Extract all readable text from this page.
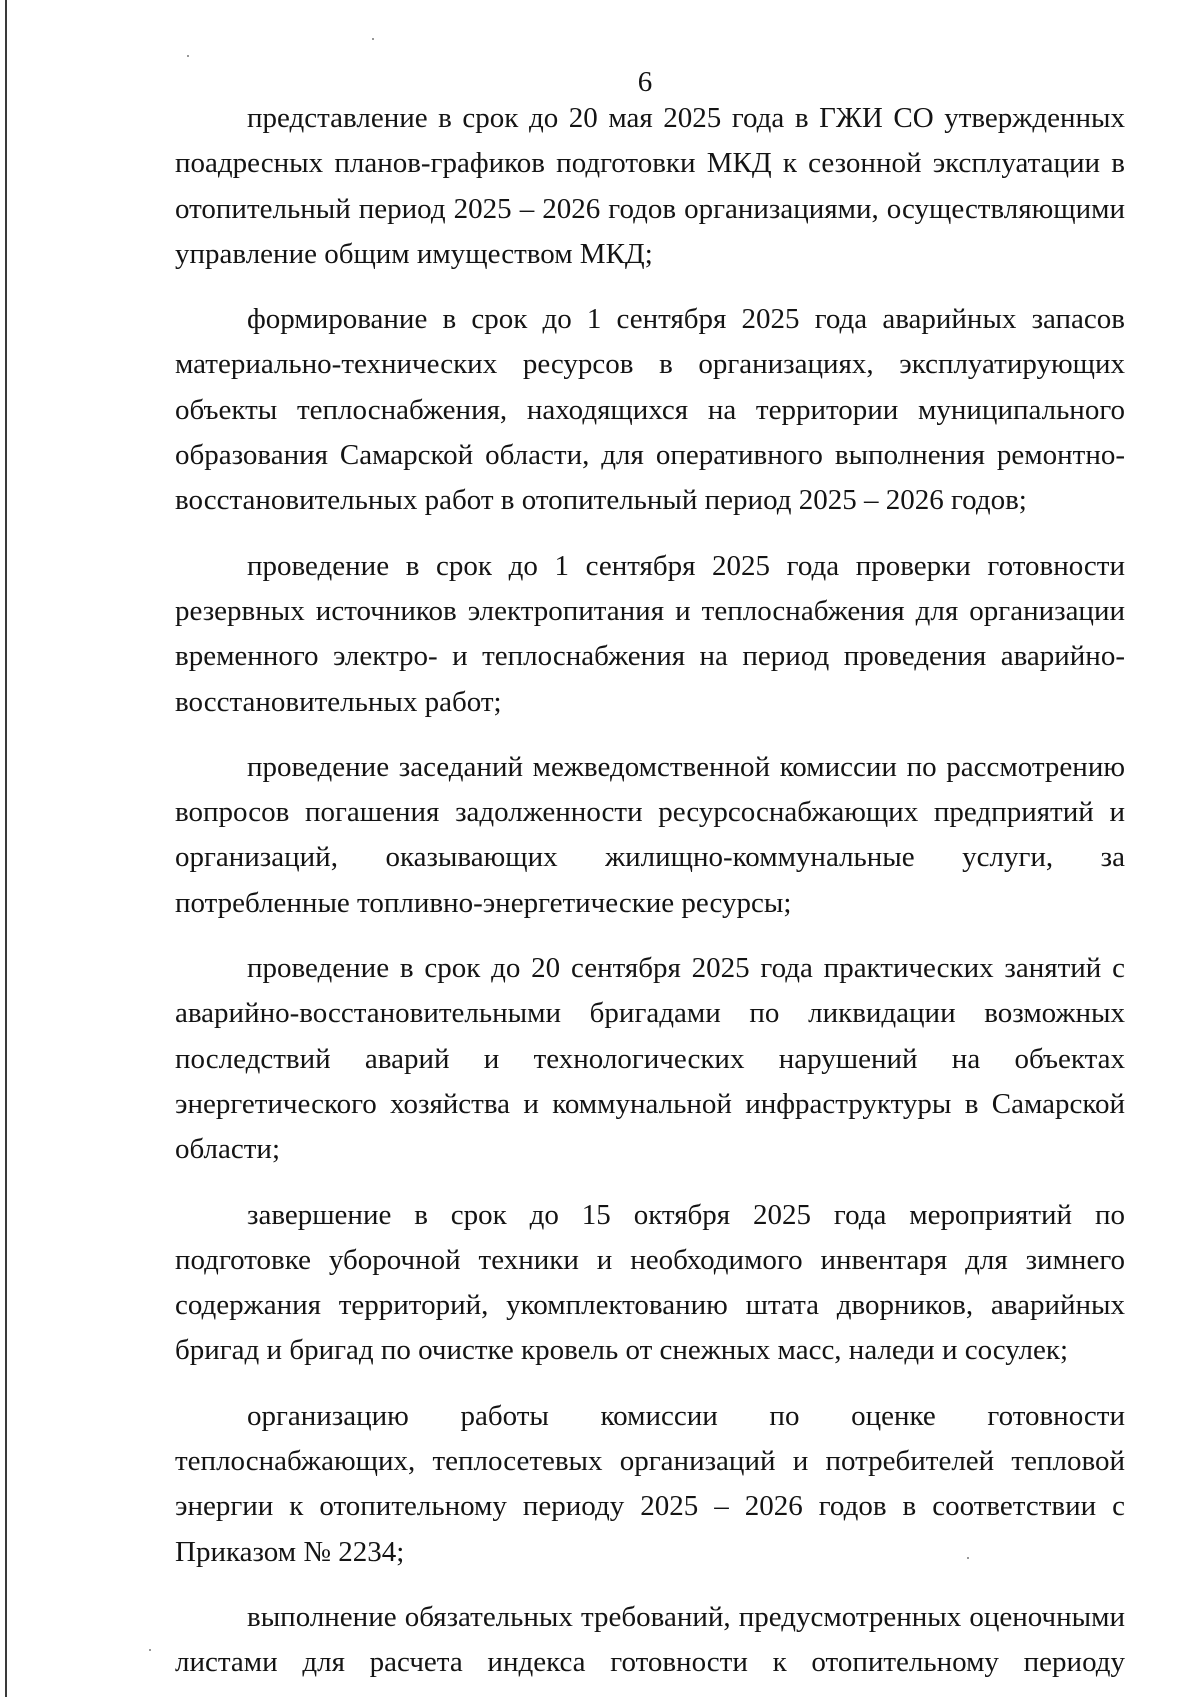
6

представление в срок до 20 мая 2025 года в ГЖИ СО утвержденных поадресных планов-графиков подготовки МКД к сезонной эксплуатации в отопительный период 2025 – 2026 годов организациями, осуществляющими управление общим имуществом МКД;

формирование в срок до 1 сентября 2025 года аварийных запасов материально-технических ресурсов в организациях, эксплуатирующих объекты теплоснабжения, находящихся на территории муниципального образования Самарской области, для оперативного выполнения ремонтно-восстановительных работ в отопительный период 2025 – 2026 годов;

проведение в срок до 1 сентября 2025 года проверки готовности резервных источников электропитания и теплоснабжения для организации временного электро- и теплоснабжения на период проведения аварийно-восстановительных работ;

проведение заседаний межведомственной комиссии по рассмотрению вопросов погашения задолженности ресурсоснабжающих предприятий и организаций, оказывающих жилищно-коммунальные услуги, за потребленные топливно-энергетические ресурсы;

проведение в срок до 20 сентября 2025 года практических занятий с аварийно-восстановительными бригадами по ликвидации возможных последствий аварий и технологических нарушений на объектах энергетического хозяйства и коммунальной инфраструктуры в Самарской области;

завершение в срок до 15 октября 2025 года мероприятий по подготовке уборочной техники и необходимого инвентаря для зимнего содержания территорий, укомплектованию штата дворников, аварийных бригад и бригад по очистке кровель от снежных масс, наледи и сосулек;

организацию работы комиссии по оценке готовности теплоснабжающих, теплосетевых организаций и потребителей тепловой энергии к отопительному периоду 2025 – 2026 годов в соответствии с Приказом № 2234;

выполнение обязательных требований, предусмотренных оценочными листами для расчета индекса готовности к отопительному периоду
